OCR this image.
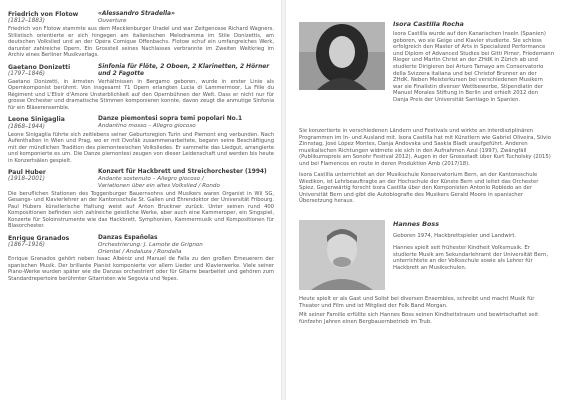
Friedrich von Flotow
(1812–1883)
«Alessandro Stradella»
Ouverture
Friedrich von Flotow stammte aus dem Mecklenburger Uradel und war Zeitgenosse Richard Wagners. Stilistisch orientierte er sich hingegen am italienischen Melodramma im Stile Donizettis, am deutschen Volkslied und an der Opéra Comique Offenbachs. Flotow schuf ein umfangreiches Werk, darunter zahlreiche Opern. Ein Grossteil seines Nachlasses verbrannte im Zweiten Weltkrieg im Archiv eines Berliner Musikverlags.
Gaetano Donizetti
(1797–1846)
Sinfonia für Flöte, 2 Oboen, 2 Klarinetten, 2 Hörner und 2 Fagotte
Gaetano Donizetti, in ärmsten Verhältnissen in Bergamo geboren, wurde in erster Linie als Opernkomponist berühmt. Von insgesamt 71 Opern erlangten Lucia di Lammermoor, La Fille du Régiment und L'Elisir d'Amore Unsterblichkeit auf den Opernbühnen der Welt. Dass er nicht nur für grosse Orchester und dramatische Stimmen komponieren konnte, davon zeugt die anmutige Sinfonia für ein Bläserensemble.
Leone Sinigaglia
(1868–1944)
Danze piemontesi sopra temi popolari No.1
Andantino mosso – Allegro giocoso
Leone Sinigaglia führte sich zeitlebens seiner Geburtsregion Turin und Piemont eng verbunden. Nach Aufenthalten in Wien und Prag, wo er mit Dvořák zusammenarbeitete, begann seine Beschäftigung mit der mündlichen Tradition des piemontesischen Volksliedes. Er sammelte das Liedgut, arrangierte und komponierte es um. Die Danze piemontesi zeugen von dieser Leidenschaft und werden bis heute in Konzertsälen gespielt.
Paul Huber
(1918–2001)
Konzert für Hackbrett und Streichorchester (1994)
Andante sostenuto – Allegro giocoso /
Variationen über ein altes Volkslied / Rondo
Die beruflichen Stationen des Toggenburger Bauernsohns und Musikers waren Organist in Wil SG, Gesangs- und Klavierlehrer an der Kantonsschule St. Gallen und Ehrendoktor der Universität Fribourg. Paul Hubers künstlerische Haltung weist auf Anton Bruckner zurück. Unter seinen rund 400 Kompositionen befinden sich zahlreiche geistliche Werke, aber auch eine Kammeroper, ein Singspiel, Konzerte für Soloinstrumente wie das Hackbrett, Symphonien, Kammermusik und Kompositionen für Blasorchester.
Enrique Granados
(1867–1916)
Danzas Españolas
Orchestrierung: J. Lamote de Grignon
Oriental / Andaluza / Rondalla
Enrique Granados gehört neben Isaac Albéniz und Manuel de Falla zu den großen Erneuerern der spanischen Musik. Der brillante Pianist komponierte vor allem Lieder und Klavierwerke. Viele seiner Piano-Werke wurden später wie die Danzas orchestriert oder für Gitarre bearbeitet und gehören zum Standardrepertoire berühmter Gitarristen wie Segovia und Yepes.
Isora Castilla Rocha
Isora Castilla wurde auf den Kanarischen Inseln (Spanien) geboren, wo sie Geige und Klavier studierte. Sie schloss erfolgreich den Master of Arts in Specialized Performance und Diplom of Advanced Studies bei Gitti Pirner, Friedemann Rieger und Martin Christ an der ZHdK in Zürich ab und studierte Dirigieren bei Arturo Tamayo am Conservatorio della Svizzera italiana und bei Christof Brunner an der ZHdK. Neben Meisterkursen bei verschiedenen Musikern war sie Finalistin diverser Wettbewerbe, Stipendiatin der Manuel Morales Stiftung in Berlin und erhielt 2012 den Danja Preis der Universität Santiago in Spanien.
Sie konzertierte in verschiedenen Ländern und Festivals und wirkte an interdisziplinären Programmen im In- und Ausland mit. Isora Castilla hat mit Künstlern wie Gabriel Oliveira, Silvio Zinnstag, José López Montes, Danja Andovska und Saskia Bladt uraufgeführt. Anderen musikalischen Richtungen widmete sie sich in den Aufnahmen Azul (1997), Zwängfäll (Publikumspreis am Sonohr Festival 2012), Augen in der Grossstadt über Kurt Tucholsky (2015) und bei Flamencos en route in deren Produktion Amb (2017/18).
Isora Castilla unterrichtet an der Musikschule Konservatorium Bern, an der Kantonsschule Wiedikon, ist Lehrbeauftragte an der Hochschule der Künste Bern und leitet das Orchester Spiez. Gegenwärtig forscht Isora Castilla über den Komponisten Antonio Robledo an der Universität Bern und gibt die Autobiografie des Musikers Gerald Moore in spanischer Übersetzung heraus.
Hannes Boss
Geboren 1974, Hackbrettspieler und Landwirt.
Hannes spielt seit frühester Kindheit Volksmusik. Er studierte Musik am Sekundarlehramt der Universität Bern, unterrichtete an der Volksschule sowie als Lehrer für Hackbrett an Musikschulen.
Heute spielt er als Gast und Solist bei diversen Ensembles, schreibt und macht Musik für Theater und Film und ist Mitglied der Folk Band Morgan.
Mit seiner Familie erfüllte sich Hannes Boss seinen Kindheitstraum und bewirtschaftet seit fünfzehn Jahren einen Bergbauernbetrieb im Trub.
